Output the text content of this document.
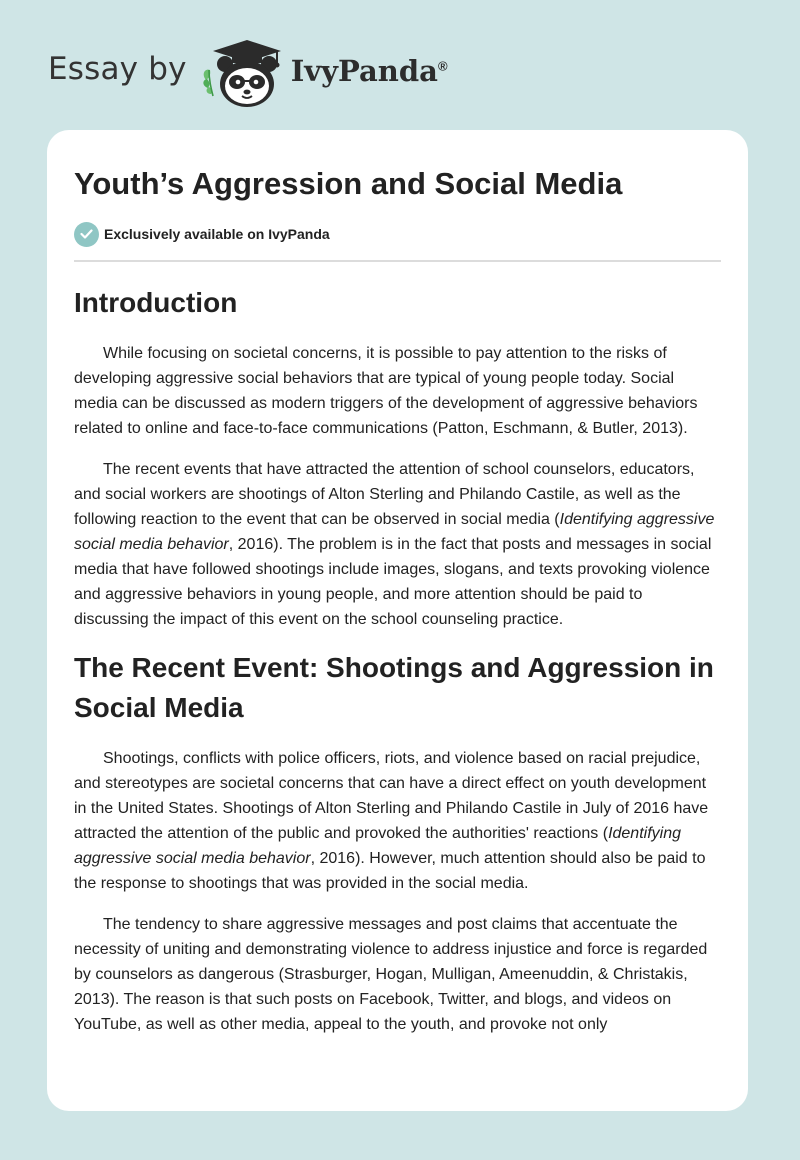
Essay by	IvyPanda®
Youth’s Aggression and Social Media
Exclusively available on IvyPanda
Introduction

While focusing on societal concerns, it is possible to pay attention to the risks of developing aggressive social behaviors that are typical of young people today. Social media can be discussed as modern triggers of the development of aggressive behaviors related to online and face-to-face communications (Patton, Eschmann, & Butler, 2013).

The recent events that have attracted the attention of school counselors, educators, and social workers are shootings of Alton Sterling and Philando Castile, as well as the following reaction to the event that can be observed in social media (Identifying aggressive social media behavior, 2016). The problem is in the fact that posts and messages in social media that have followed shootings include images, slogans, and texts provoking violence and aggressive behaviors in young people, and more attention should be paid to discussing the impact of this event on the school counseling practice.

The Recent Event: Shootings and Aggression in Social Media

Shootings, conflicts with police officers, riots, and violence based on racial prejudice, and stereotypes are societal concerns that can have a direct effect on youth development in the United States. Shootings of Alton Sterling and Philando Castile in July of 2016 have attracted the attention of the public and provoked the authorities' reactions (Identifying aggressive social media behavior, 2016). However, much attention should also be paid to the response to shootings that was provided in the social media.

The tendency to share aggressive messages and post claims that accentuate the necessity of uniting and demonstrating violence to address injustice and force is regarded by counselors as dangerous (Strasburger, Hogan, Mulligan, Ameenuddin, & Christakis, 2013). The reason is that such posts on Facebook, Twitter, and blogs, and videos on YouTube, as well as other media, appeal to the youth, and provoke not only
